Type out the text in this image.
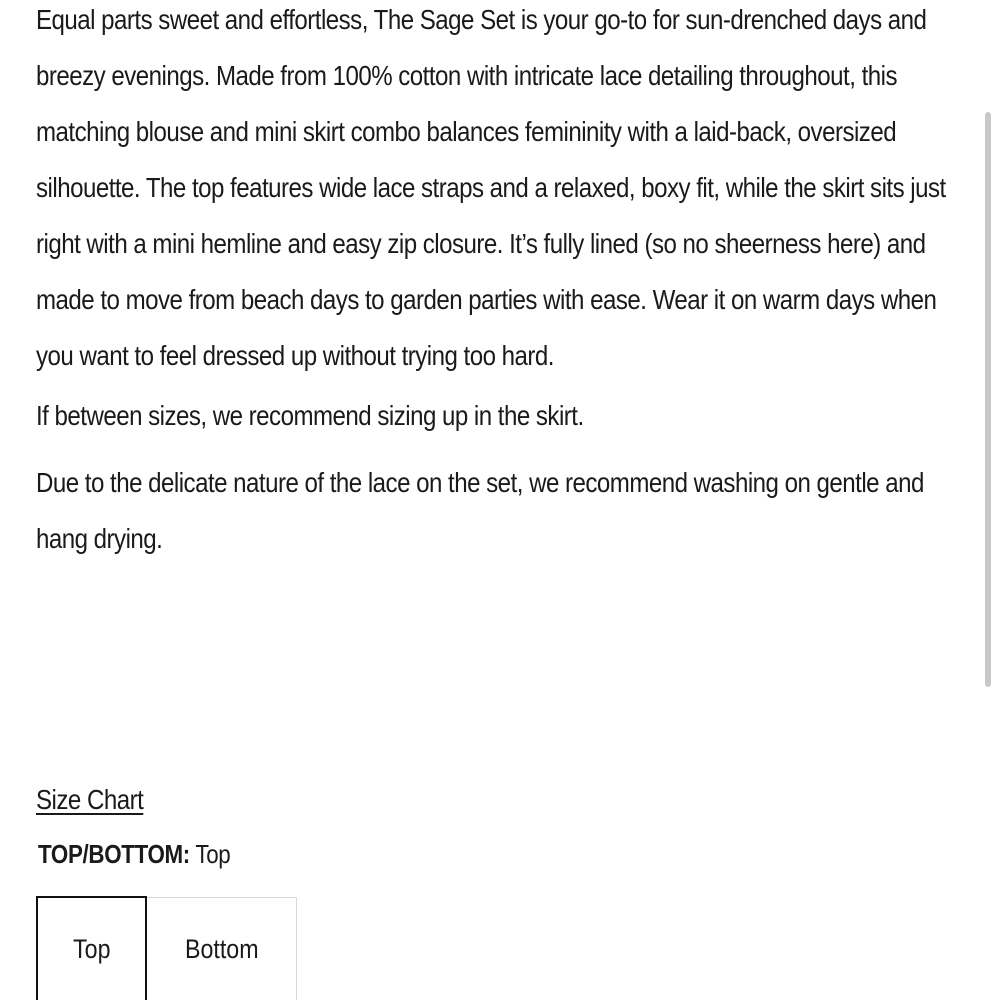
Equal parts sweet and effortless, The Sage Set is your go-to for sun-drenched days and breezy evenings. Made from 100% cotton with intricate lace detailing throughout, this matching blouse and mini skirt combo balances femininity with a laid-back, oversized silhouette. The top features wide lace straps and a relaxed, boxy fit, while the skirt sits just right with a mini hemline and easy zip closure. It’s fully lined (so no sheerness here) and made to move from beach days to garden parties with ease. Wear it on warm days when you want to feel dressed up without trying too hard.

If between sizes, we recommend sizing up in the skirt.

Due to the delicate nature of the lace on the set, we recommend washing on gentle and hang drying.

Size Chart
TOP/BOTTOM: Top
Top	Bottom
